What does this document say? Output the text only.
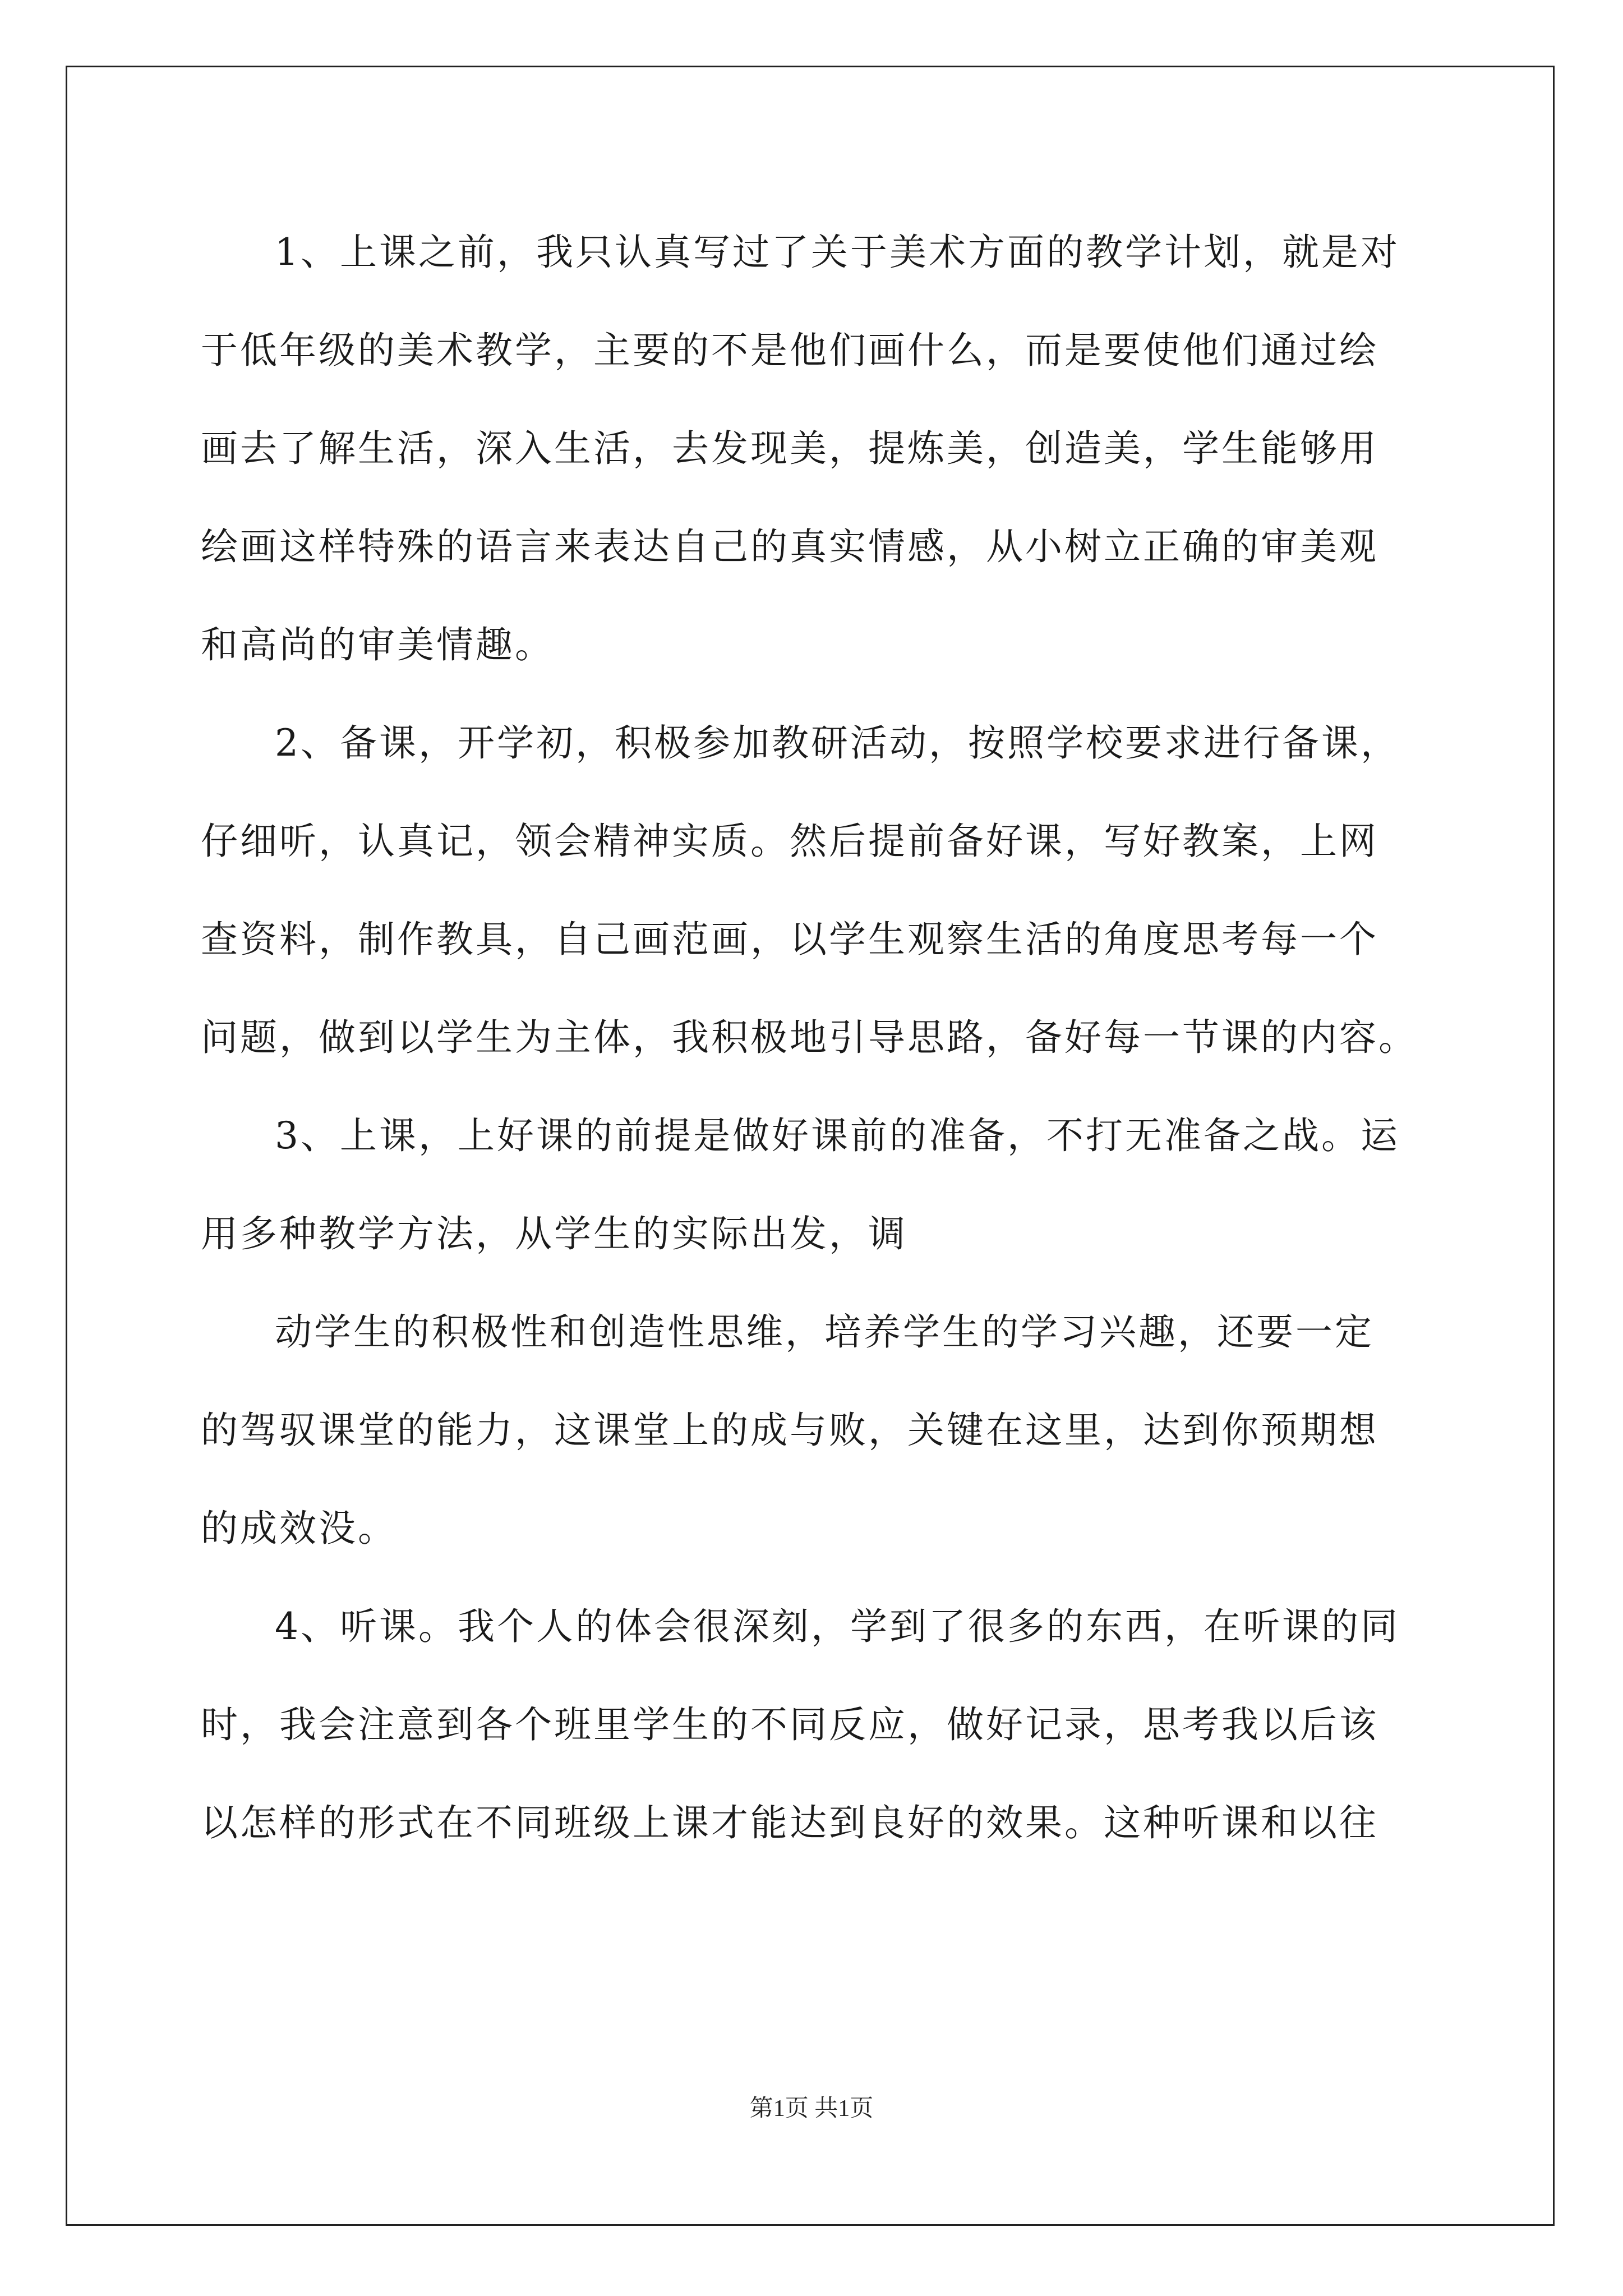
1、上课之前，我只认真写过了关于美术方面的教学计划，就是对
于低年级的美术教学，主要的不是他们画什么，而是要使他们通过绘
画去了解生活，深入生活，去发现美，提炼美，创造美，学生能够用
绘画这样特殊的语言来表达自己的真实情感，从小树立正确的审美观
和高尚的审美情趣。
2、备课，开学初，积极参加教研活动，按照学校要求进行备课，
仔细听，认真记，领会精神实质。然后提前备好课，写好教案，上网
查资料，制作教具，自己画范画，以学生观察生活的角度思考每一个
问题，做到以学生为主体，我积极地引导思路，备好每一节课的内容。
3、上课，上好课的前提是做好课前的准备，不打无准备之战。运
用多种教学方法，从学生的实际出发，调
动学生的积极性和创造性思维，培养学生的学习兴趣，还要一定
的驾驭课堂的能力，这课堂上的成与败，关键在这里，达到你预期想
的成效没。
4、听课。我个人的体会很深刻，学到了很多的东西，在听课的同
时，我会注意到各个班里学生的不同反应，做好记录，思考我以后该
以怎样的形式在不同班级上课才能达到良好的效果。这种听课和以往
第1页 共1页
